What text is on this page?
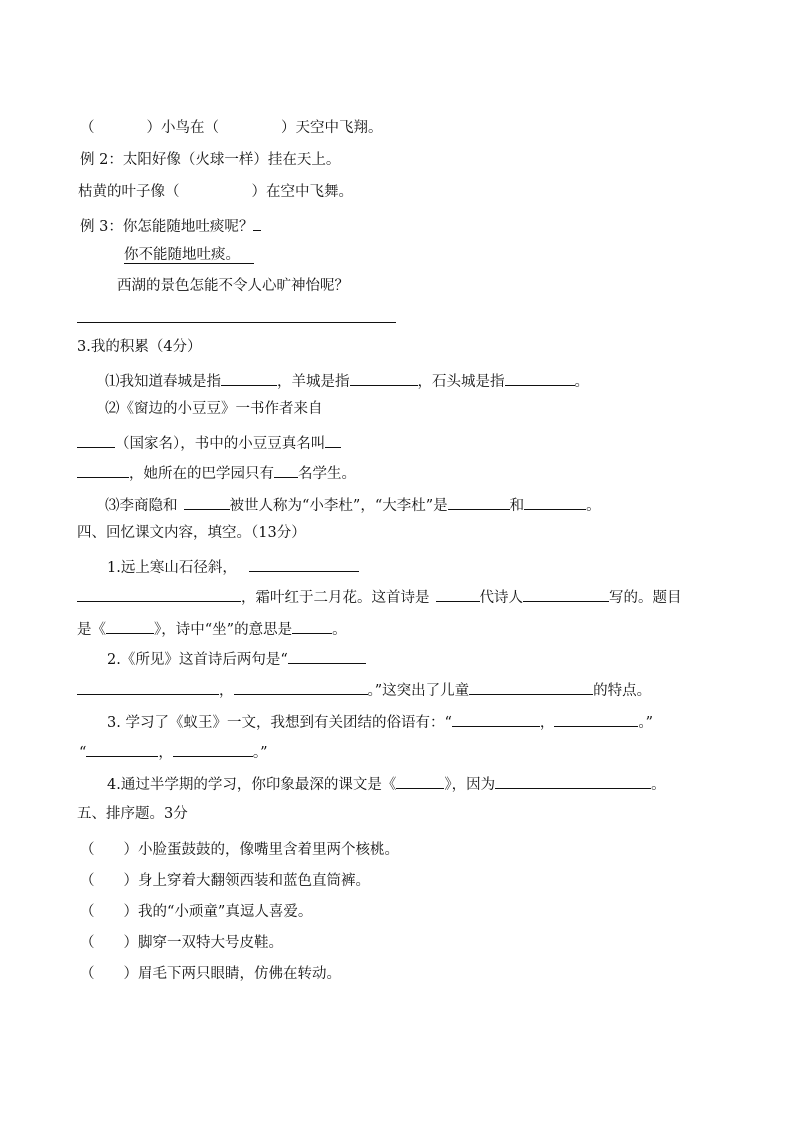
（	）小鸟在（	）天空中飞翔。
例 2：太阳好像（火球一样）挂在天上。
枯黄的叶子像（	）在空中飞舞。
例 3：你怎能随地吐痰呢？
你不能随地吐痰。
西湖的景色怎能不令人心旷神怡呢？
3.我的积累（4分）
⑴我知道春城是指	，羊城是指	，石头城是指	。
⑵《窗边的小豆豆》一书作者来自
（国家名），书中的小豆豆真名叫
，她所在的巴学园只有 名学生。
⑶李商隐和	被世人称为“小李杜”，“大李杜”是	和	。
四、回忆课文内容，填空。（13分）
1.远上寒山石径斜，
，霜叶红于二月花。这首诗是	代诗人	写的。题目
是《	》，诗中“坐”的意思是	。
2.《所见》这首诗后两句是“
，	。”这突出了儿童	的特点。
3. 学习了《蚁王》一文，我想到有关团结的俗语有：“	，	。”
“	，	。”
4.通过半学期的学习，你印象最深的课文是《	》，因为	。
五、排序题。3分
（　　）小脸蛋鼓鼓的，像嘴里含着里两个核桃。
（　　）身上穿着大翻领西装和蓝色直筒裤。
（　　）我的“小顽童”真逗人喜爱。
（　　）脚穿一双特大号皮鞋。
（　　）眉毛下两只眼睛，仿佛在转动。
